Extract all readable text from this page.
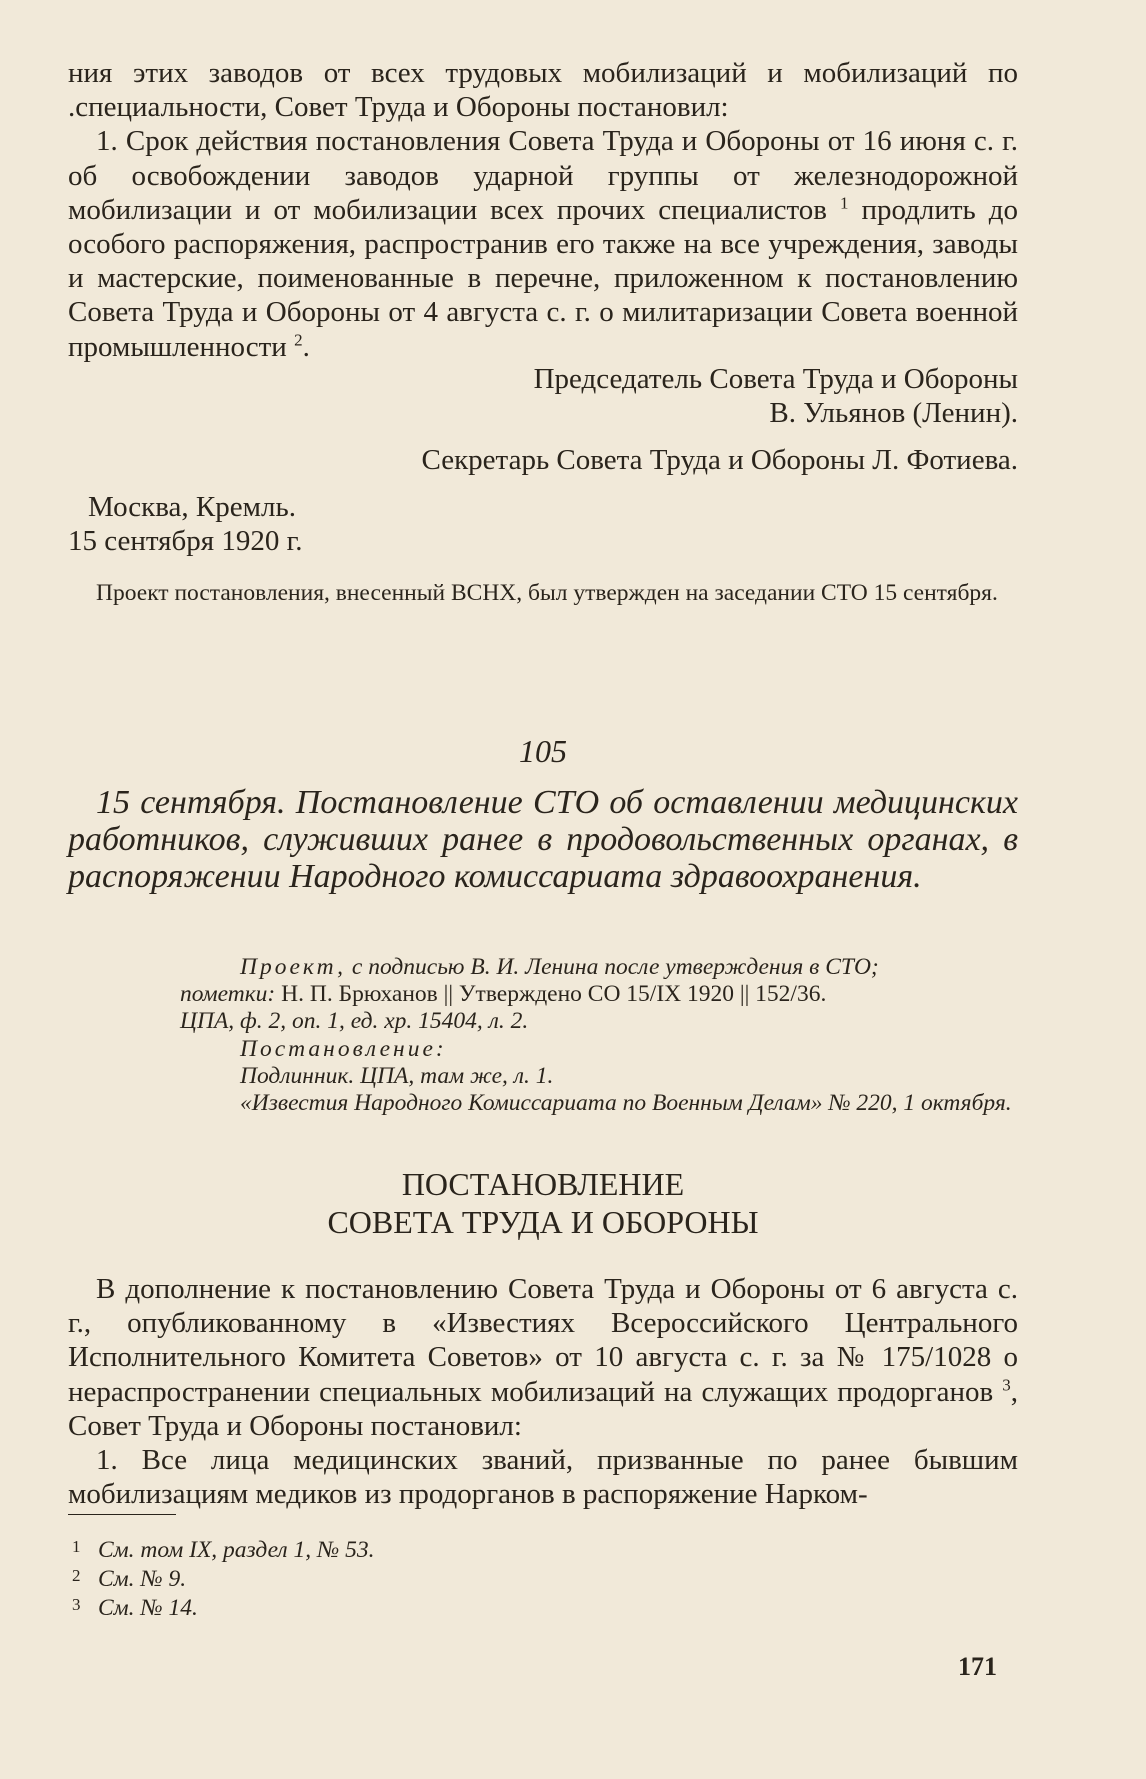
ния этих заводов от всех трудовых мобилизаций и мобилизаций по .специальности, Совет Труда и Обороны постановил:

1. Срок действия постановления Совета Труда и Обороны от 16 июня с. г. об освобождении заводов ударной группы от железнодорожной мобилизации и от мобилизации всех прочих специалистов $^1$ продлить до особого распоряжения, распространив его также на все учреждения, заводы и мастерские, поименованные в перечне, приложенном к постановлению Совета Труда и Обороны от 4 августа с. г. о милитаризации Совета военной промышленности $^2$.

Председатель Совета Труда и Обороны

В. Ульянов (Ленин).

Секретарь Совета Труда и Обороны Л. Фотиева.

Москва, Кремль.

15 сентября 1920 г.

Проект постановления, внесенный ВСНХ, был утвержден на заседании СТО 15 сентября.

105

15 сентября. Постановление СТО об оставлении медицинских работников, служивших ранее в продовольственных органах, в распоряжении Народного комиссариата здравоохранения.

Проект, с подписью В. И. Ленина после утверждения в СТО;

пометки: Н. П. Брюханов || Утверждено СО 15/IX 1920 || 152/36.

ЦПА, ф. 2, оп. 1, ед. хр. 15404, л. 2.

Постановление:

Подлинник. ЦПА, там же, л. 1.

«Известия Народного Комиссариата по Военным Делам» № 220, 1 октября.

ПОСТАНОВЛЕНИЕ

СОВЕТА ТРУДА И ОБОРОНЫ

В дополнение к постановлению Совета Труда и Обороны от 6 августа с. г., опубликованному в «Известиях Всероссийского Центрального Исполнительного Комитета Советов» от 10 августа с. г. за № 175/1028 о нераспространении специальных мобилизаций на служащих продорганов $^3$, Совет Труда и Обороны постановил:

1. Все лица медицинских званий, призванные по ранее бывшим мобилизациям медиков из продорганов в распоряжение Нарком-

1 См. том IX, раздел 1, № 53.

2 См. № 9.

3 См. № 14.

171
